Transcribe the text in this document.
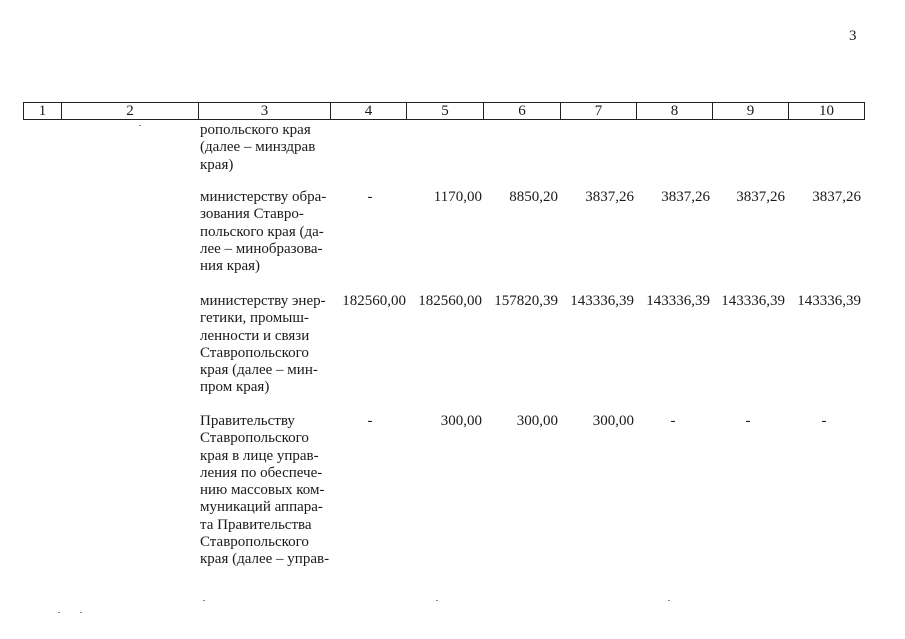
3
1	2	3	4	5	6	7	8	9	10
ропольского края
(далее – минздрав
края)
министерству обра-
зования Ставро-
польского края (да-
лее – минобразова-
ния края)
-	1170,00 8850,20 3837,26 3837,26 3837,26 3837,26
министерству энер-
гетики, промыш-
ленности и связи
Ставропольского
края (далее – мин-
пром края)
182560,00 182560,00 157820,39 143336,39 143336,39 143336,39 143336,39
Правительству
Ставропольского
края в лице управ-
ления по обеспече-
нию массовых ком-
муникаций аппара-
та Правительства
Ставропольского
края (далее – управ-
-	300,00 300,00 300,00	-	-	-
